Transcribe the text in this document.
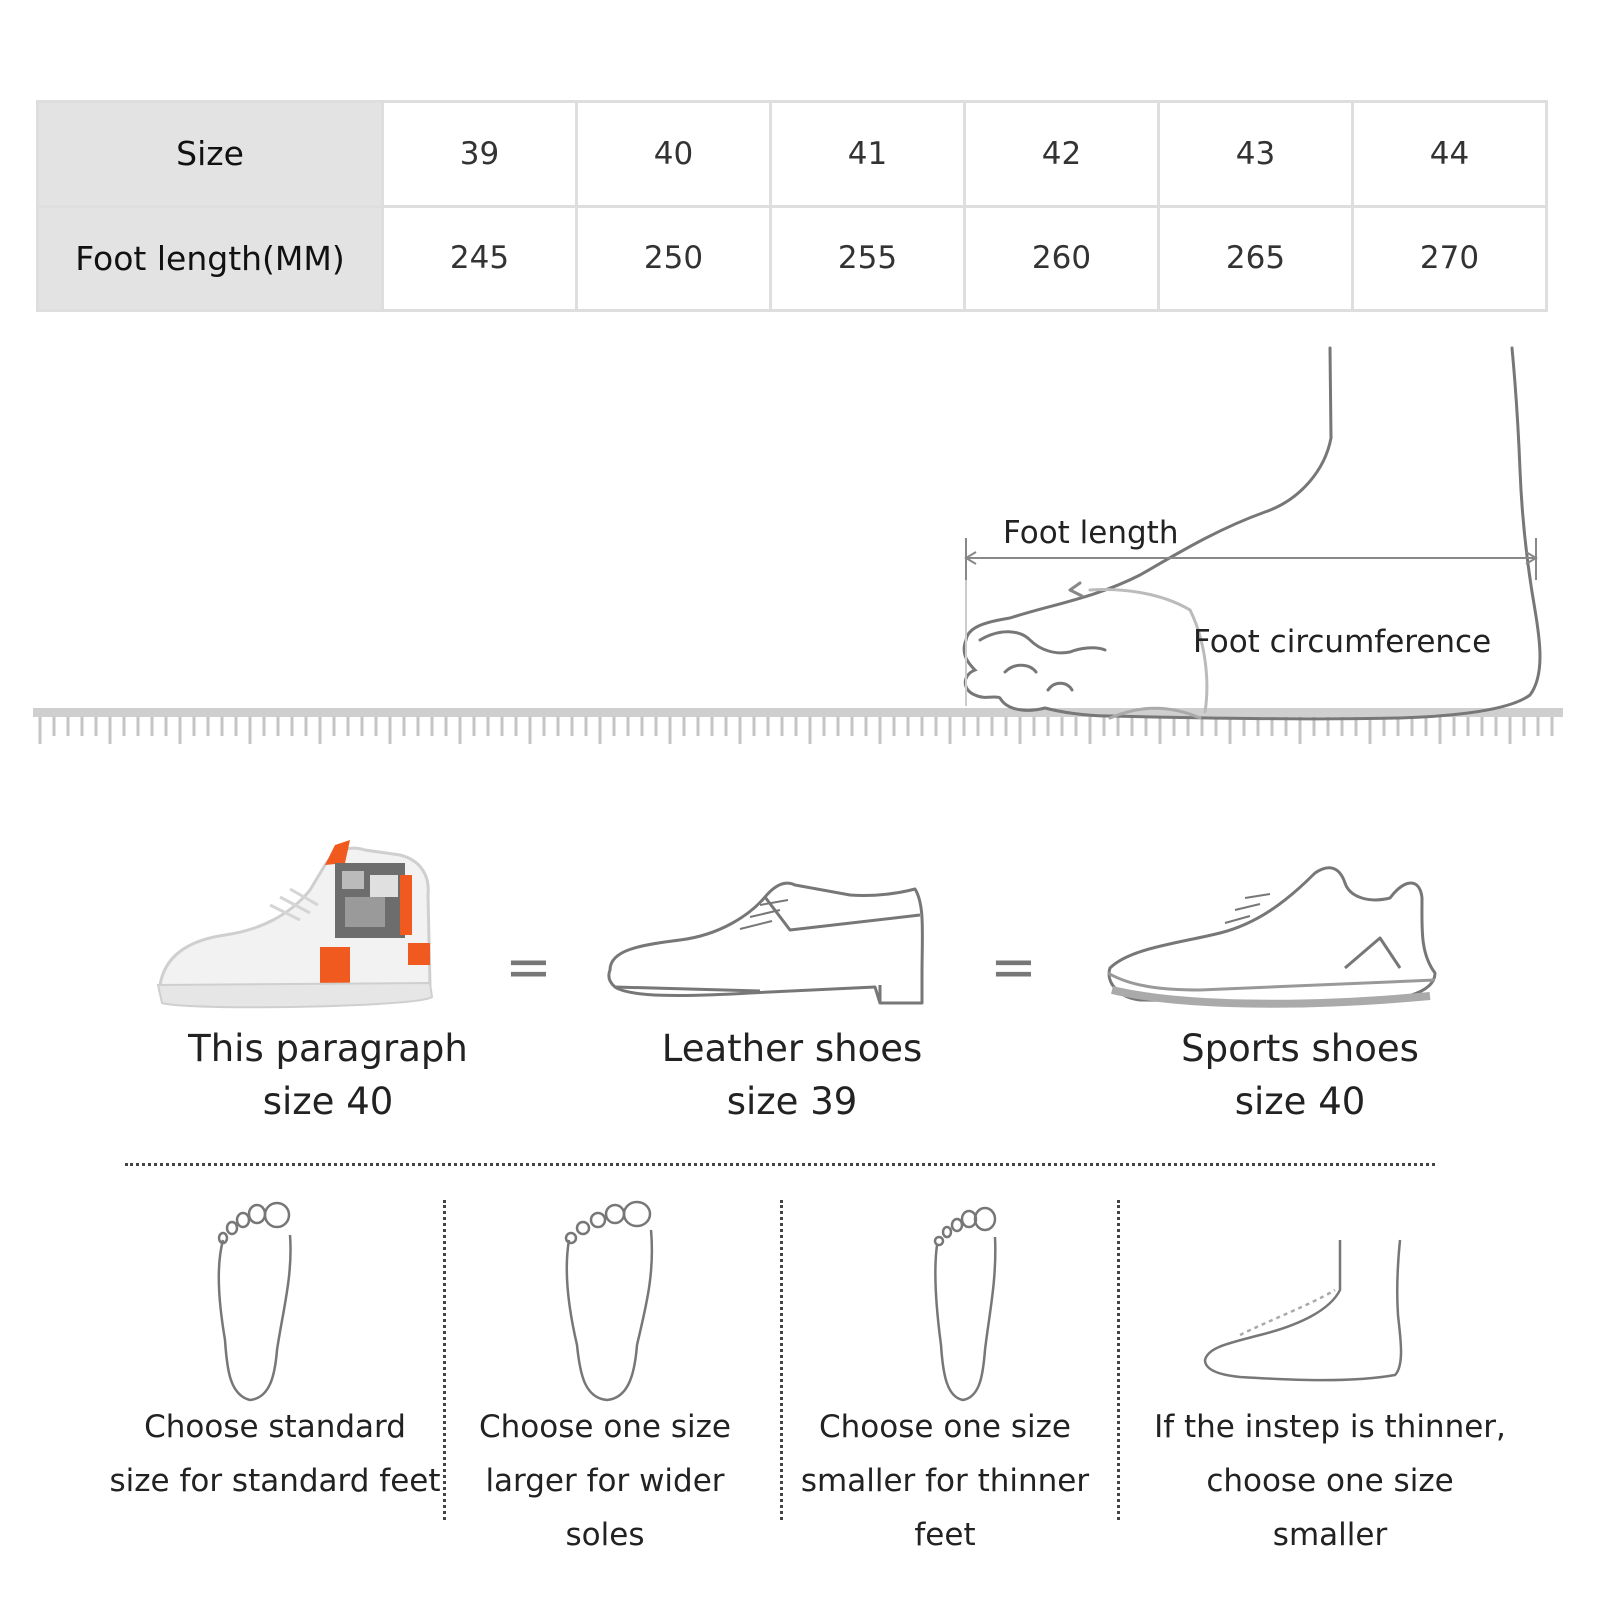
Size	39	40	41	42	43	44
Foot length(MM)	245	250	255	260	265	270
Foot length
Foot circumference
This paragraph
size 40
=
Leather shoes
size 39
=
Sports shoes
size 40
Choose standard
size for standard feet
Choose one size
larger for wider
soles
Choose one size
smaller for thinner
feet
If the instep is thinner,
choose one size
smaller
